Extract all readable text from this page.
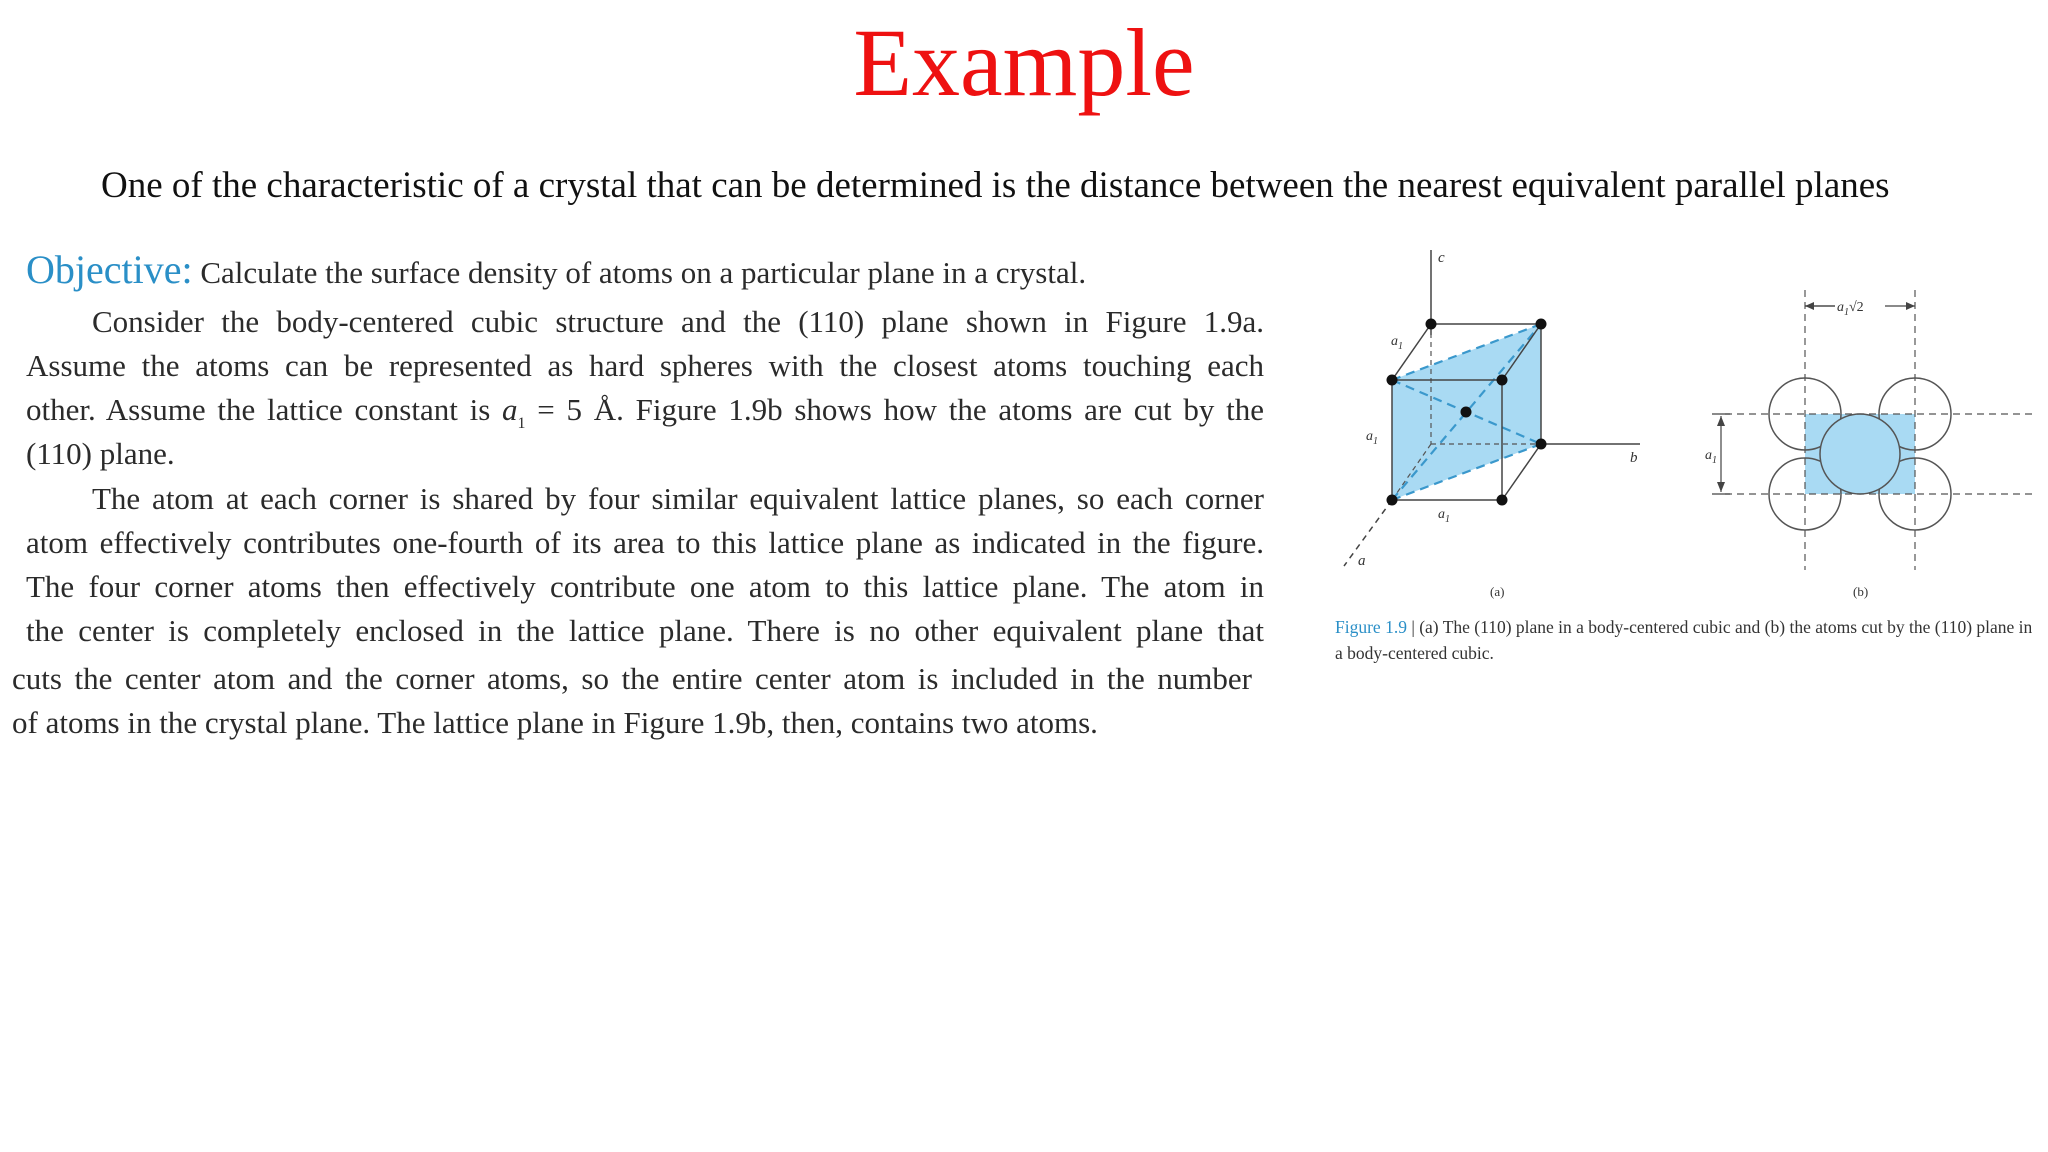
Example
One of the characteristic of a crystal that can be determined is the distance between the nearest equivalent parallel planes
Objective: Calculate the surface density of atoms on a particular plane in a crystal.
Consider the body-centered cubic structure and the (110) plane shown in Figure 1.9a.
Assume the atoms can be represented as hard spheres with the closest atoms touching each
other. Assume the lattice constant is $a_1 = 5$ Å. Figure 1.9b shows how the atoms are cut by the
(110) plane.
The atom at each corner is shared by four similar equivalent lattice planes, so each corner
atom effectively contributes one-fourth of its area to this lattice plane as indicated in the figure.
The four corner atoms then effectively contribute one atom to this lattice plane. The atom in
the center is completely enclosed in the lattice plane. There is no other equivalent plane that
cuts the center atom and the corner atoms, so the entire center atom is included in the number
of atoms in the crystal plane. The lattice plane in Figure 1.9b, then, contains two atoms.
c
b
a
$a_1$
$a_1$
$a_1$
(a)
$a_1√2$
$a_1$
(b)
Figure 1.9 | (a) The (110) plane in a body-centered cubic and (b) the atoms cut by the (110) plane in a body-centered cubic.
